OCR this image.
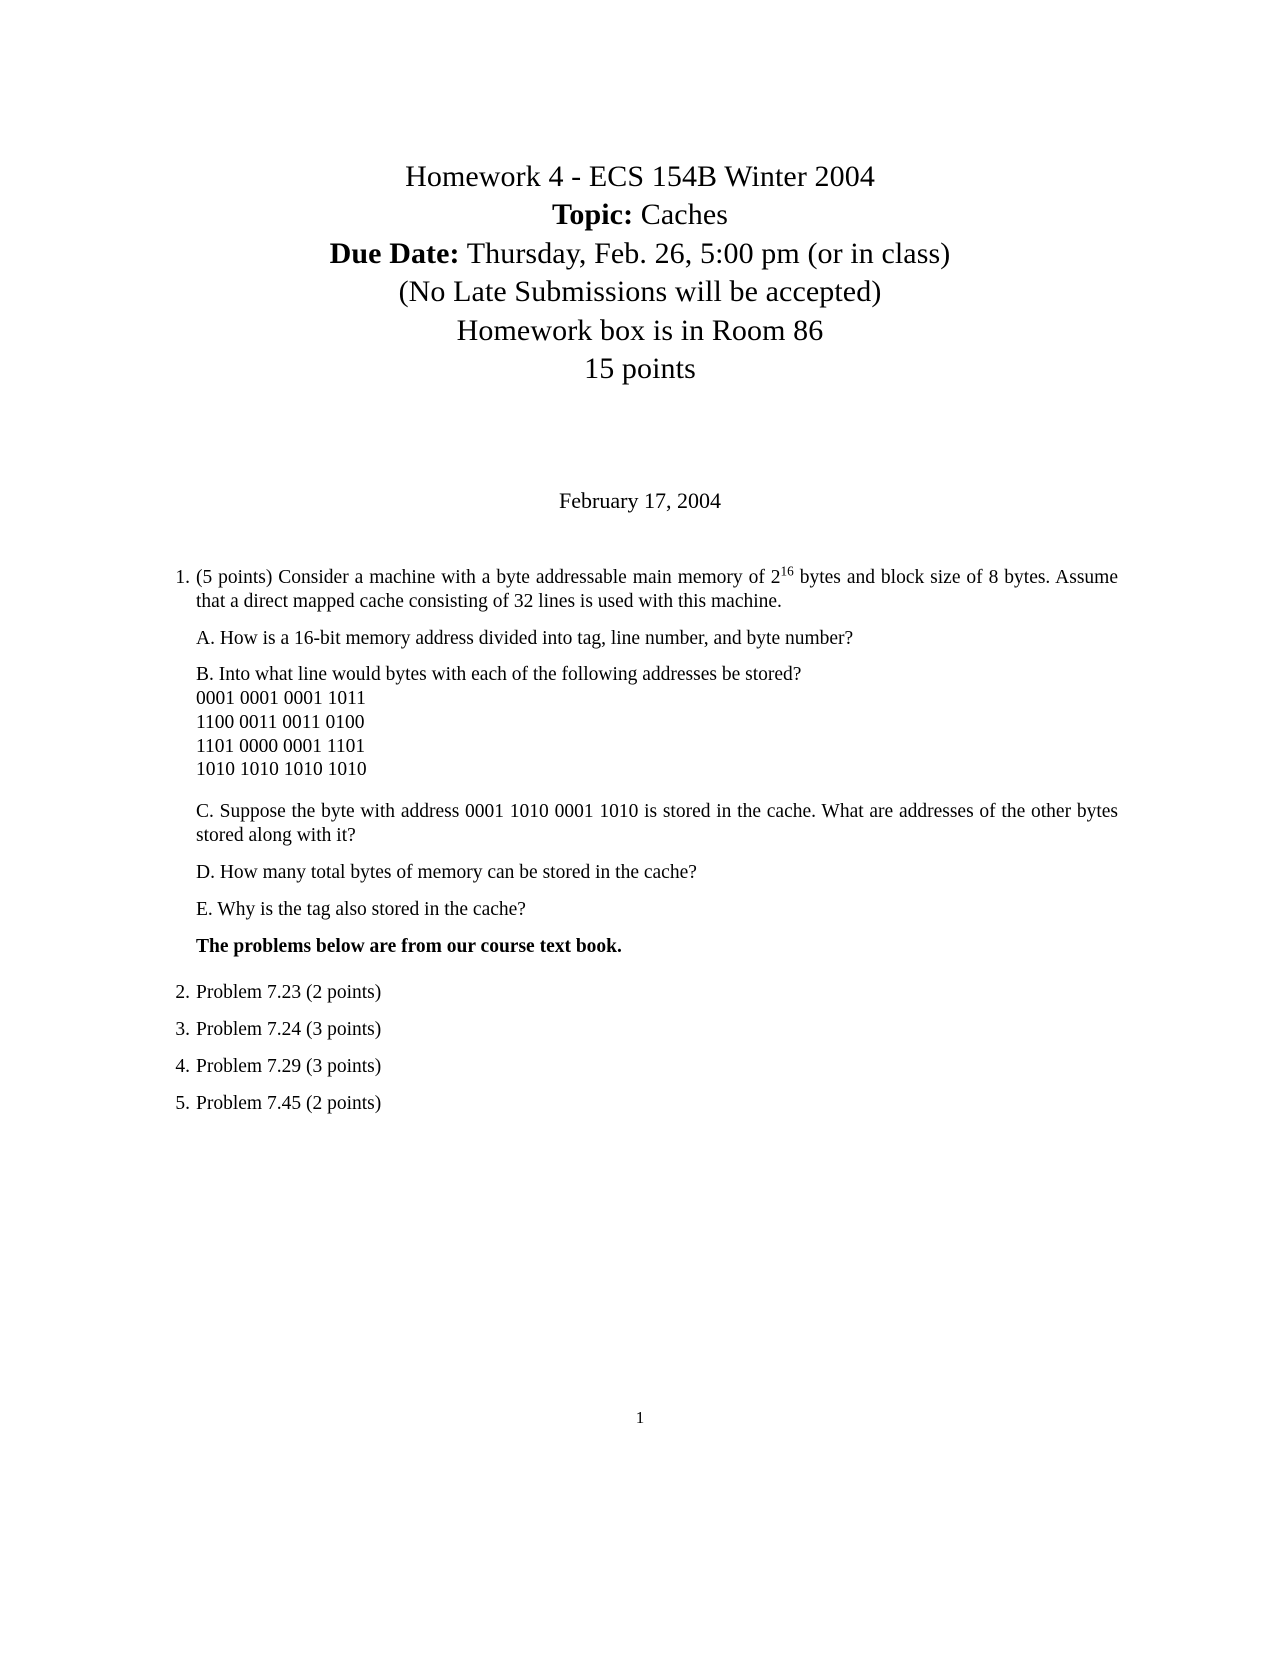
Homework 4 - ECS 154B Winter 2004
Topic: Caches
Due Date: Thursday, Feb. 26, 5:00 pm (or in class)
(No Late Submissions will be accepted)
Homework box is in Room 86
15 points
February 17, 2004
1. (5 points) Consider a machine with a byte addressable main memory of $2^{16}$ bytes and block size of 8 bytes. Assume that a direct mapped cache consisting of 32 lines is used with this machine.
A. How is a 16-bit memory address divided into tag, line number, and byte number?
B. Into what line would bytes with each of the following addresses be stored?
0001 0001 0001 1011
1100 0011 0011 0100
1101 0000 0001 1101
1010 1010 1010 1010
C. Suppose the byte with address 0001 1010 0001 1010 is stored in the cache. What are addresses of the other bytes stored along with it?
D. How many total bytes of memory can be stored in the cache?
E. Why is the tag also stored in the cache?
The problems below are from our course text book.
2. Problem 7.23 (2 points)
3. Problem 7.24 (3 points)
4. Problem 7.29 (3 points)
5. Problem 7.45 (2 points)
1
